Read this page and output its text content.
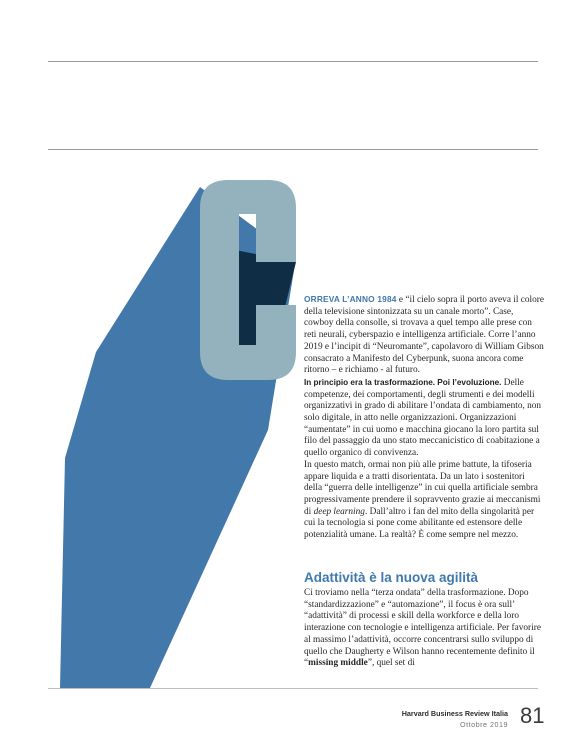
ORREVA L’ANNO 1984 e “il cielo sopra il porto aveva il colore della televisione sintonizzata su un canale morto”. Case, cowboy della consolle, si trovava a quel tempo alle prese con reti neurali, cyberspazio e intelligenza artificiale. Corre l’anno 2019 e l’incipit di “Neuromante”, capolavoro di William Gibson consacrato a Manifesto del Cyberpunk, suona ancora come ritorno – e richiamo - al futuro.

In principio era la trasformazione. Poi l’evoluzione. Delle competenze, dei comportamenti, degli strumenti e dei modelli organizzativi in grado di abilitare l’ondata di cambiamento, non solo digitale, in atto nelle organizzazioni. Organizzazioni “aumentate” in cui uomo e macchina giocano la loro partita sul filo del passaggio da uno stato meccanicistico di coabitazione a quello organico di convivenza.

In questo match, ormai non più alle prime battute, la tifoseria appare liquida e a tratti disorientata. Da un lato i sostenitori della “guerra delle intelligenze” in cui quella artificiale sembra progressivamente prendere il sopravvento grazie ai meccanismi di deep learning. Dall’altro i fan del mito della singolarità per cui la tecnologia si pone come abilitante ed estensore delle potenzialità umane. La realtà? È come sempre nel mezzo.

Adattività è la nuova agilità

Ci troviamo nella “terza ondata” della trasformazione. Dopo “standardizzazione” e “automazione”, il focus è ora sull’ “adattività” di processi e skill della workforce e della loro interazione con tecnologie e intelligenza artificiale. Per favorire al massimo l’adattività, occorre concentrarsi sullo sviluppo di quello che Daugherty e Wilson hanno recentemente definito il “missing middle”, quel set di

Harvard Business Review Italia
Ottobre 2019 81
